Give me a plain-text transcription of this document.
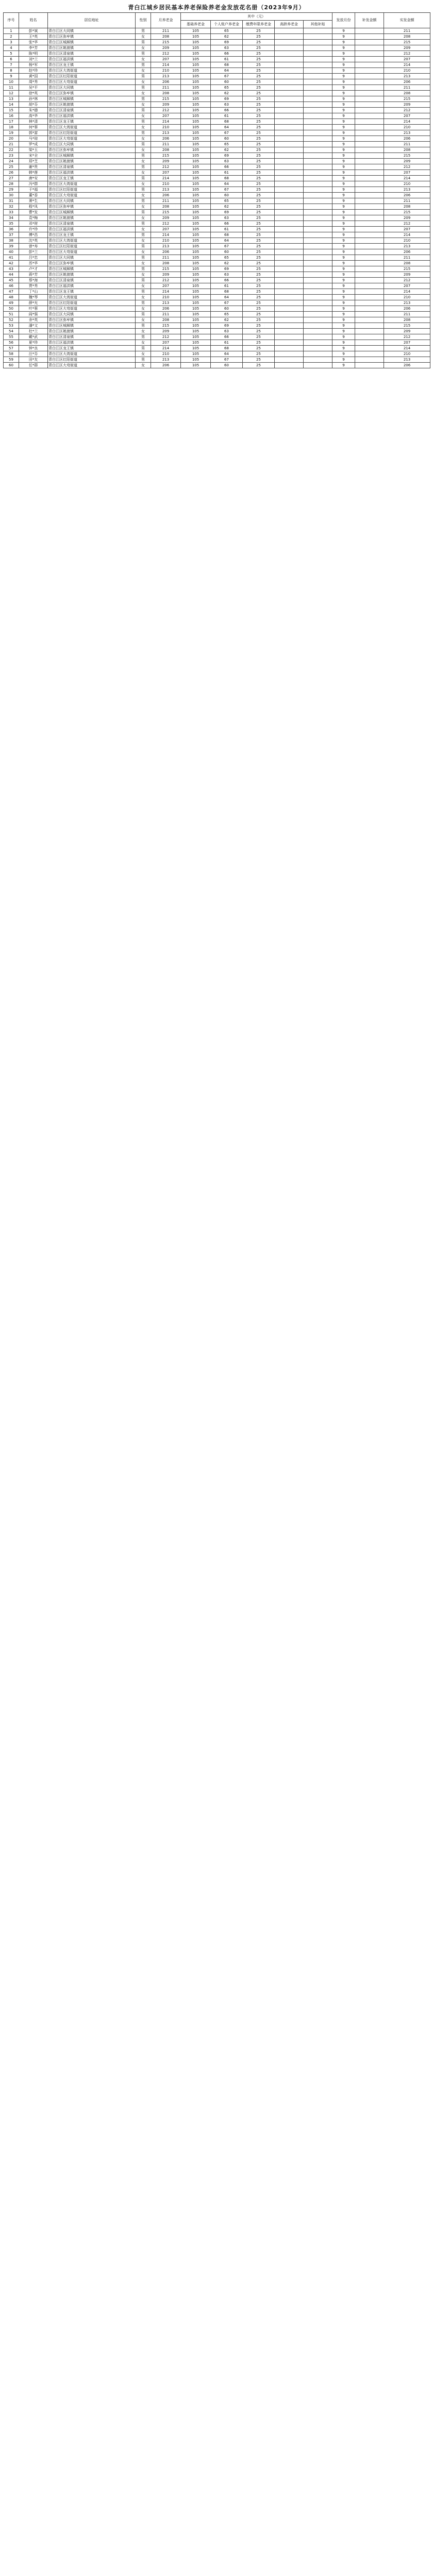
青白江城乡居民基本养老保险养老金发放花名册（2023年9月）
序号	姓名	居住地址	性别	月养老金	其中（元）					发放月份	补发金额	实发金额
					基础养老金	个人账户养老金	缴费年限养老金	高龄养老金	其他补贴			
1	彭*斌	青白江区大同镇	男	211	105	65	25			9		211
2	王*英	青白江区弥牟镇	女	208	105	62	25			9		208
3	张*华	青白江区城厢镇	男	215	105	69	25			9		215
4	李*芳	青白江区姚渡镇	女	209	105	63	25			9		209
5	陈*明	青白江区清泉镇	男	212	105	66	25			9		212
6	刘*兰	青白江区福洪镇	女	207	105	61	25			9		207
7	杨*军	青白江区龙王镇	男	214	105	68	25			9		214
8	赵*珍	青白江区大湾街道	女	210	105	64	25			9		210
9	黄*国	青白江区红阳街道	男	213	105	67	25			9		213
10	周*秀	青白江区大弯街道	女	206	105	60	25			9		206
11	吴*平	青白江区大同镇	男	211	105	65	25			9		211
12	徐*英	青白江区弥牟镇	女	208	105	62	25			9		208
13	孙*林	青白江区城厢镇	男	215	105	69	25			9		215
14	胡*芬	青白江区姚渡镇	女	209	105	63	25			9		209
15	朱*德	青白江区清泉镇	男	212	105	66	25			9		212
16	高*华	青白江区福洪镇	女	207	105	61	25			9		207
17	林*清	青白江区龙王镇	男	214	105	68	25			9		214
18	何*蓉	青白江区大湾街道	女	210	105	64	25			9		210
19	郭*富	青白江区红阳街道	男	213	105	67	25			9		213
20	马*琼	青白江区大弯街道	女	206	105	60	25			9		206
21	罗*成	青白江区大同镇	男	211	105	65	25			9		211
22	梁*玉	青白江区弥牟镇	女	208	105	62	25			9		208
23	宋*全	青白江区城厢镇	男	215	105	69	25			9		215
24	郑*芝	青白江区姚渡镇	女	209	105	63	25			9		209
25	谢*贵	青白江区清泉镇	男	212	105	66	25			9		212
26	韩*莲	青白江区福洪镇	女	207	105	61	25			9		207
27	唐*安	青白江区龙王镇	男	214	105	68	25			9		214
28	冯*群	青白江区大湾街道	女	210	105	64	25			9		210
29	于*福	青白江区红阳街道	男	213	105	67	25			9		213
30	董*香	青白江区大弯街道	女	206	105	60	25			9		206
31	萧*生	青白江区大同镇	男	211	105	65	25			9		211
32	程*凤	青白江区弥牟镇	女	208	105	62	25			9		208
33	曹*发	青白江区城厢镇	男	215	105	69	25			9		215
34	袁*梅	青白江区姚渡镇	女	209	105	63	25			9		209
35	邓*财	青白江区清泉镇	男	212	105	66	25			9		212
36	许*珍	青白江区福洪镇	女	207	105	61	25			9		207
37	傅*昌	青白江区龙王镇	男	214	105	68	25			9		214
38	沈*英	青白江区大湾街道	女	210	105	64	25			9		210
39	曾*寿	青白江区红阳街道	男	213	105	67	25			9		213
40	彭*兰	青白江区大弯街道	女	206	105	60	25			9		206
41	吕*忠	青白江区大同镇	男	211	105	65	25			9		211
42	苏*华	青白江区弥牟镇	女	208	105	62	25			9		208
43	卢*才	青白江区城厢镇	男	215	105	69	25			9		215
44	蒋*芳	青白江区姚渡镇	女	209	105	63	25			9		209
45	蔡*海	青白江区清泉镇	男	212	105	66	25			9		212
46	贾*秀	青白江区福洪镇	女	207	105	61	25			9		207
47	丁*山	青白江区龙王镇	男	214	105	68	25			9		214
48	魏*琴	青白江区大湾街道	女	210	105	64	25			9		210
49	薛*光	青白江区红阳街道	男	213	105	67	25			9		213
50	叶*蓉	青白江区大弯街道	女	206	105	60	25			9		206
51	阎*强	青白江区大同镇	男	211	105	65	25			9		211
52	余*英	青白江区弥牟镇	女	208	105	62	25			9		208
53	潘*文	青白江区城厢镇	男	215	105	69	25			9		215
54	杜*兰	青白江区姚渡镇	女	209	105	63	25			9		209
55	戴*武	青白江区清泉镇	男	212	105	66	25			9		212
56	夏*珍	青白江区福洪镇	女	207	105	61	25			9		207
57	钟*良	青白江区龙王镇	男	214	105	68	25			9		214
58	汪*芬	青白江区大湾街道	女	210	105	64	25			9		210
59	田*友	青白江区红阳街道	男	213	105	67	25			9		213
60	任*群	青白江区大弯街道	女	206	105	60	25			9		206
